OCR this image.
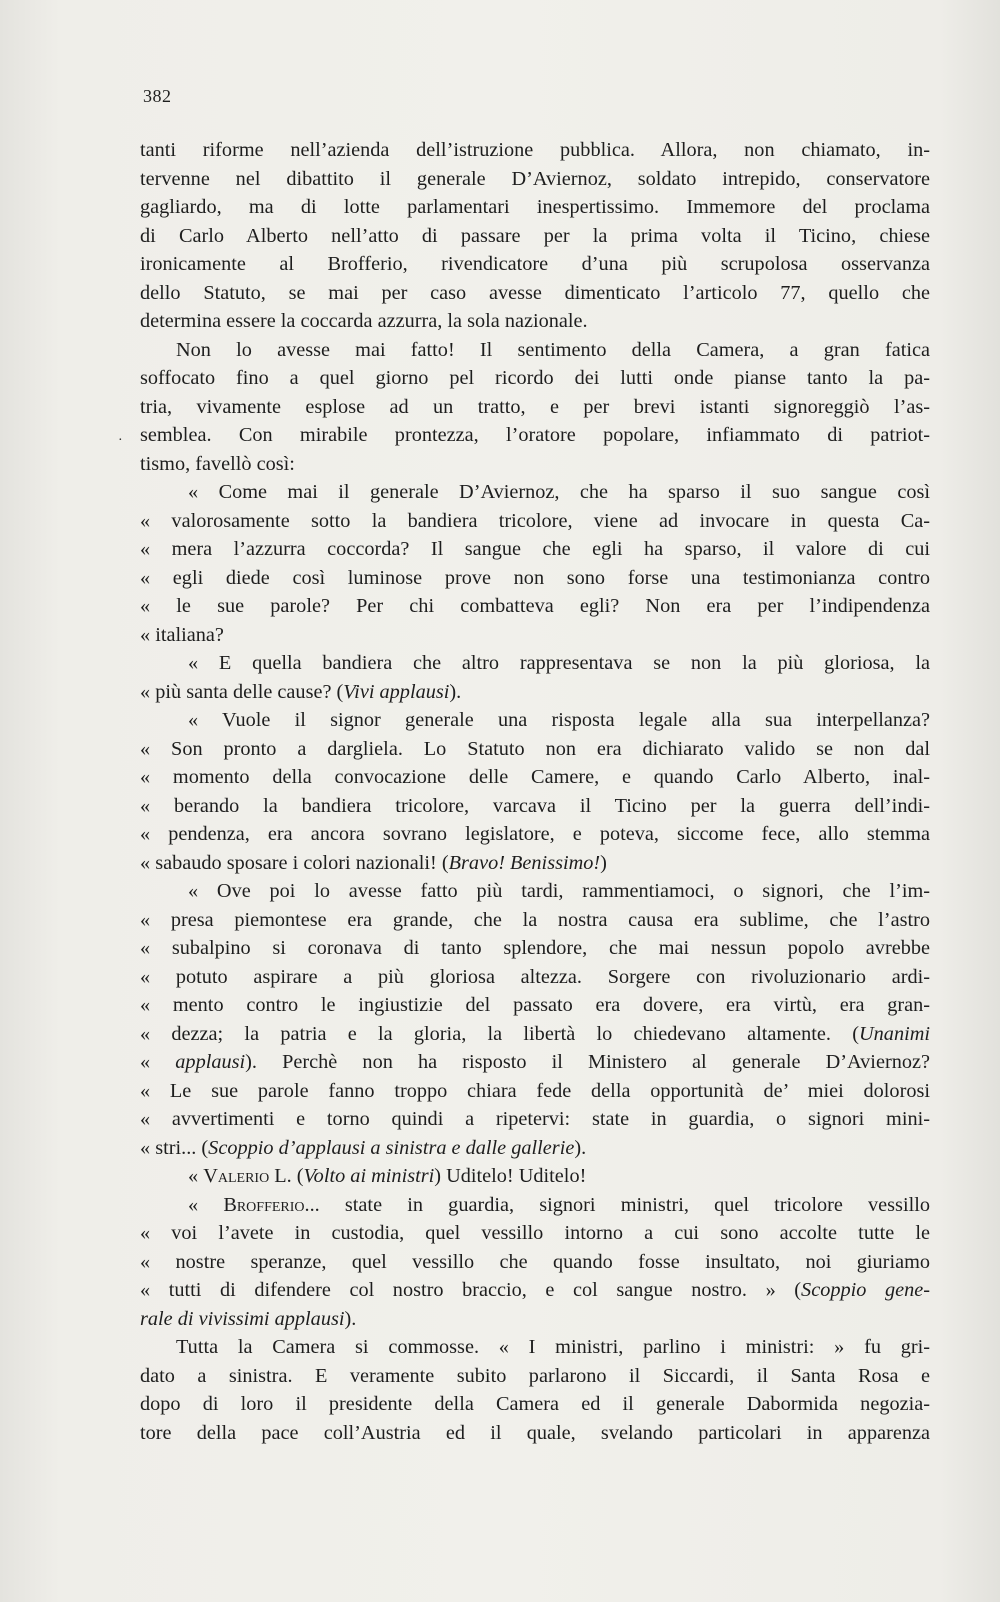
382
·
tanti riforme nell’azienda dell’istruzione pubblica. Allora, non chiamato, in-
tervenne nel dibattito il generale D’Aviernoz, soldato intrepido, conservatore
gagliardo, ma di lotte parlamentari inespertissimo. Immemore del proclama
di Carlo Alberto nell’atto di passare per la prima volta il Ticino, chiese
ironicamente al Brofferio, rivendicatore d’una più scrupolosa osservanza
dello Statuto, se mai per caso avesse dimenticato l’articolo 77, quello che
determina essere la coccarda azzurra, la sola nazionale.
Non lo avesse mai fatto! Il sentimento della Camera, a gran fatica
soffocato fino a quel giorno pel ricordo dei lutti onde pianse tanto la pa-
tria, vivamente esplose ad un tratto, e per brevi istanti signoreggiò l’as-
semblea. Con mirabile prontezza, l’oratore popolare, infiammato di patriot-
tismo, favellò così:
« Come mai il generale D’Aviernoz, che ha sparso il suo sangue così
« valorosamente sotto la bandiera tricolore, viene ad invocare in questa Ca-
« mera l’azzurra coccorda? Il sangue che egli ha sparso, il valore di cui
« egli diede così luminose prove non sono forse una testimonianza contro
« le sue parole? Per chi combatteva egli? Non era per l’indipendenza
« italiana?
« E quella bandiera che altro rappresentava se non la più gloriosa, la
« più santa delle cause? (Vivi applausi).
« Vuole il signor generale una risposta legale alla sua interpellanza?
« Son pronto a dargliela. Lo Statuto non era dichiarato valido se non dal
« momento della convocazione delle Camere, e quando Carlo Alberto, inal-
« berando la bandiera tricolore, varcava il Ticino per la guerra dell’indi-
« pendenza, era ancora sovrano legislatore, e poteva, siccome fece, allo stemma
« sabaudo sposare i colori nazionali! (Bravo! Benissimo!)
« Ove poi lo avesse fatto più tardi, rammentiamoci, o signori, che l’im-
« presa piemontese era grande, che la nostra causa era sublime, che l’astro
« subalpino si coronava di tanto splendore, che mai nessun popolo avrebbe
« potuto aspirare a più gloriosa altezza. Sorgere con rivoluzionario ardi-
« mento contro le ingiustizie del passato era dovere, era virtù, era gran-
« dezza; la patria e la gloria, la libertà lo chiedevano altamente. (Unanimi
« applausi). Perchè non ha risposto il Ministero al generale D’Aviernoz?
« Le sue parole fanno troppo chiara fede della opportunità de’ miei dolorosi
« avvertimenti e torno quindi a ripetervi: state in guardia, o signori mini-
« stri... (Scoppio d’applausi a sinistra e dalle gallerie).
« Valerio L. (Volto ai ministri) Uditelo! Uditelo!
« Brofferio... state in guardia, signori ministri, quel tricolore vessillo
« voi l’avete in custodia, quel vessillo intorno a cui sono accolte tutte le
« nostre speranze, quel vessillo che quando fosse insultato, noi giuriamo
« tutti di difendere col nostro braccio, e col sangue nostro. » (Scoppio gene-
rale di vivissimi applausi).
Tutta la Camera si commosse. « I ministri, parlino i ministri: » fu gri-
dato a sinistra. E veramente subito parlarono il Siccardi, il Santa Rosa e
dopo di loro il presidente della Camera ed il generale Dabormida negozia-
tore della pace coll’Austria ed il quale, svelando particolari in apparenza
